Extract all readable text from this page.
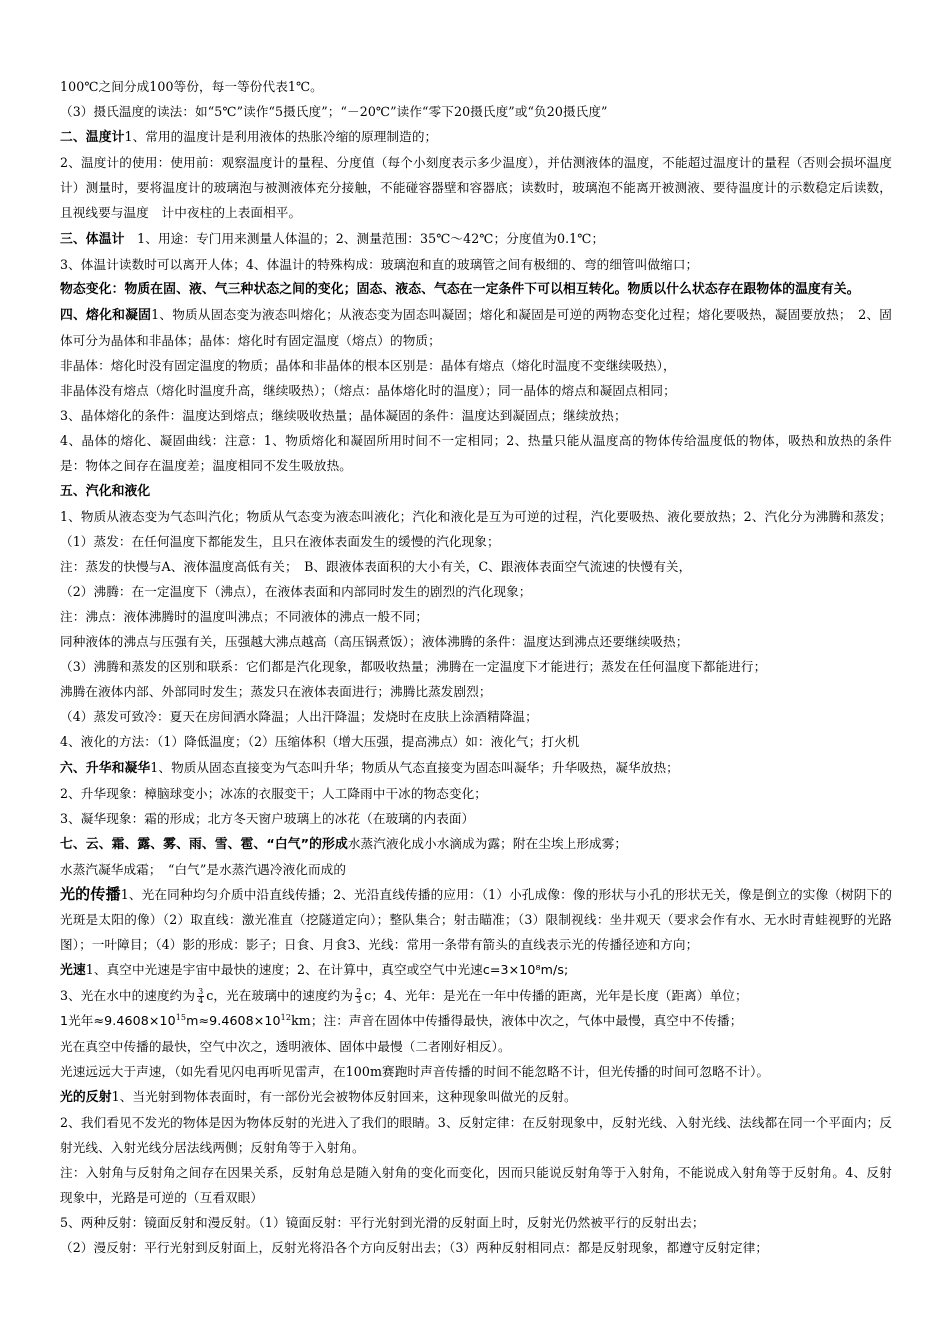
100℃之间分成100等份，每一等份代表1℃。

（3）摄氏温度的读法：如“5℃”读作“5摄氏度”；“－20℃”读作“零下20摄氏度”或“负20摄氏度”

二、温度计1、常用的温度计是利用液体的热胀冷缩的原理制造的；

2、温度计的使用：使用前：观察温度计的量程、分度值（每个小刻度表示多少温度），并估测液体的温度，不能超过温度计的量程（否则会损坏温度计）测量时，要将温度计的玻璃泡与被测液体充分接触，不能碰容器壁和容器底；读数时，玻璃泡不能离开被测液、要待温度计的示数稳定后读数，且视线要与温度　计中夜柱的上表面相平。

三、体温计　1、用途：专门用来测量人体温的；2、测量范围：35℃～42℃；分度值为0.1℃；

3、体温计读数时可以离开人体；4、体温计的特殊构成：玻璃泡和直的玻璃管之间有极细的、弯的细管叫做缩口；

物态变化：物质在固、液、气三种状态之间的变化；固态、液态、气态在一定条件下可以相互转化。物质以什么状态存在跟物体的温度有关。

四、熔化和凝固1、物质从固态变为液态叫熔化；从液态变为固态叫凝固；熔化和凝固是可逆的两物态变化过程；熔化要吸热，凝固要放热；　2、固体可分为晶体和非晶体；晶体：熔化时有固定温度（熔点）的物质；

非晶体：熔化时没有固定温度的物质；晶体和非晶体的根本区别是：晶体有熔点（熔化时温度不变继续吸热），

非晶体没有熔点（熔化时温度升高，继续吸热）；（熔点：晶体熔化时的温度）；同一晶体的熔点和凝固点相同；

3、晶体熔化的条件：温度达到熔点；继续吸收热量；晶体凝固的条件：温度达到凝固点；继续放热；

4、晶体的熔化、凝固曲线：注意：1、物质熔化和凝固所用时间不一定相同；2、热量只能从温度高的物体传给温度低的物体，吸热和放热的条件是：物体之间存在温度差；温度相同不发生吸放热。

五、汽化和液化

1、物质从液态变为气态叫汽化；物质从气态变为液态叫液化；汽化和液化是互为可逆的过程，汽化要吸热、液化要放热；2、汽化分为沸腾和蒸发；（1）蒸发：在任何温度下都能发生，且只在液体表面发生的缓慢的汽化现象；

注：蒸发的快慢与A、液体温度高低有关；　B、跟液体表面积的大小有关，C、跟液体表面空气流速的快慢有关，

（2）沸腾：在一定温度下（沸点），在液体表面和内部同时发生的剧烈的汽化现象；

注：沸点：液体沸腾时的温度叫沸点；不同液体的沸点一般不同；

同种液体的沸点与压强有关，压强越大沸点越高（高压锅煮饭）；液体沸腾的条件：温度达到沸点还要继续吸热；

（3）沸腾和蒸发的区别和联系：它们都是汽化现象，都吸收热量；沸腾在一定温度下才能进行；蒸发在任何温度下都能进行；

沸腾在液体内部、外部同时发生；蒸发只在液体表面进行；沸腾比蒸发剧烈；

（4）蒸发可致冷：夏天在房间洒水降温；人出汗降温；发烧时在皮肤上涂酒精降温；

4、液化的方法：（1）降低温度；（2）压缩体积（增大压强，提高沸点）如：液化气；打火机

六、升华和凝华1、物质从固态直接变为气态叫升华；物质从气态直接变为固态叫凝华；升华吸热，凝华放热；

2、升华现象：樟脑球变小；冰冻的衣服变干；人工降雨中干冰的物态变化；

3、凝华现象：霜的形成；北方冬天窗户玻璃上的冰花（在玻璃的内表面）

七、云、霜、露、雾、雨、雪、雹、“白气”的形成水蒸汽液化成小水滴成为露；附在尘埃上形成雾；

水蒸汽凝华成霜；　“白气”是水蒸汽遇冷液化而成的

光的传播1、光在同种均匀介质中沿直线传播；2、光沿直线传播的应用：（1）小孔成像：像的形状与小孔的形状无关，像是倒立的实像（树阴下的光斑是太阳的像）（2）取直线：激光准直（挖隧道定向）；整队集合；射击瞄准；（3）限制视线：坐井观天（要求会作有水、无水时青蛙视野的光路图）；一叶障目；（4）影的形成：影子；日食、月食3、光线：常用一条带有箭头的直线表示光的传播径迹和方向；

光速1、真空中光速是宇宙中最快的速度；2、在计算中，真空或空气中光速c=3×10⁸m/s;

3、光在水中的速度约为 $\frac{3}{4}$ c，光在玻璃中的速度约为 $\frac{2}{3}$ c；4、光年：是光在一年中传播的距离，光年是长度（距离）单位；

1光年$\approx 9.4608\times 10^{15}m\approx 9.4608\times 10^{12}km$；注：声音在固体中传播得最快，液体中次之，气体中最慢，真空中不传播；

光在真空中传播的最快，空气中次之，透明液体、固体中最慢（二者刚好相反）。

光速远远大于声速，（如先看见闪电再听见雷声，在100m赛跑时声音传播的时间不能忽略不计，但光传播的时间可忽略不计）。

光的反射1、当光射到物体表面时，有一部份光会被物体反射回来，这种现象叫做光的反射。

2、我们看见不发光的物体是因为物体反射的光进入了我们的眼睛。3、反射定律：在反射现象中，反射光线、入射光线、法线都在同一个平面内；反射光线、入射光线分居法线两侧；反射角等于入射角。

注：入射角与反射角之间存在因果关系，反射角总是随入射角的变化而变化，因而只能说反射角等于入射角，不能说成入射角等于反射角。4、反射现象中，光路是可逆的（互看双眼）

5、两种反射：镜面反射和漫反射。（1）镜面反射：平行光射到光滑的反射面上时，反射光仍然被平行的反射出去；

（2）漫反射：平行光射到反射面上，反射光将沿各个方向反射出去；（3）两种反射相同点：都是反射现象，都遵守反射定律；
